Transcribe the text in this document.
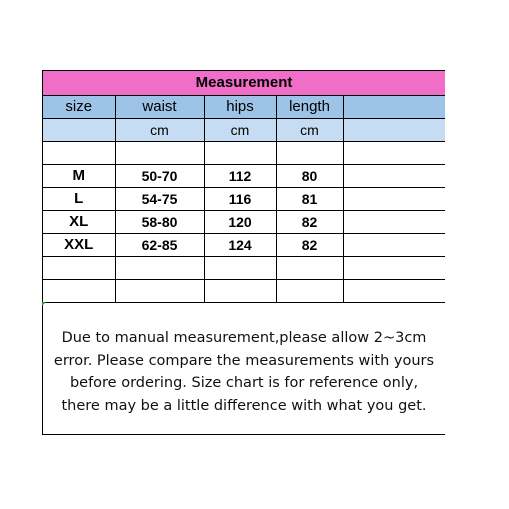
Measurement				
size	waist	hips	length	
	cm	cm	cm	

M	50-70	112	80	
L	54-75	116	81	
XL	58-80	120	82	
XXL	62-85	124	82	

Due to manual measurement,please allow 2~3cm
error. Please compare the measurements with yours
before ordering. Size chart is for reference only,
there may be a little difference with what you get.
